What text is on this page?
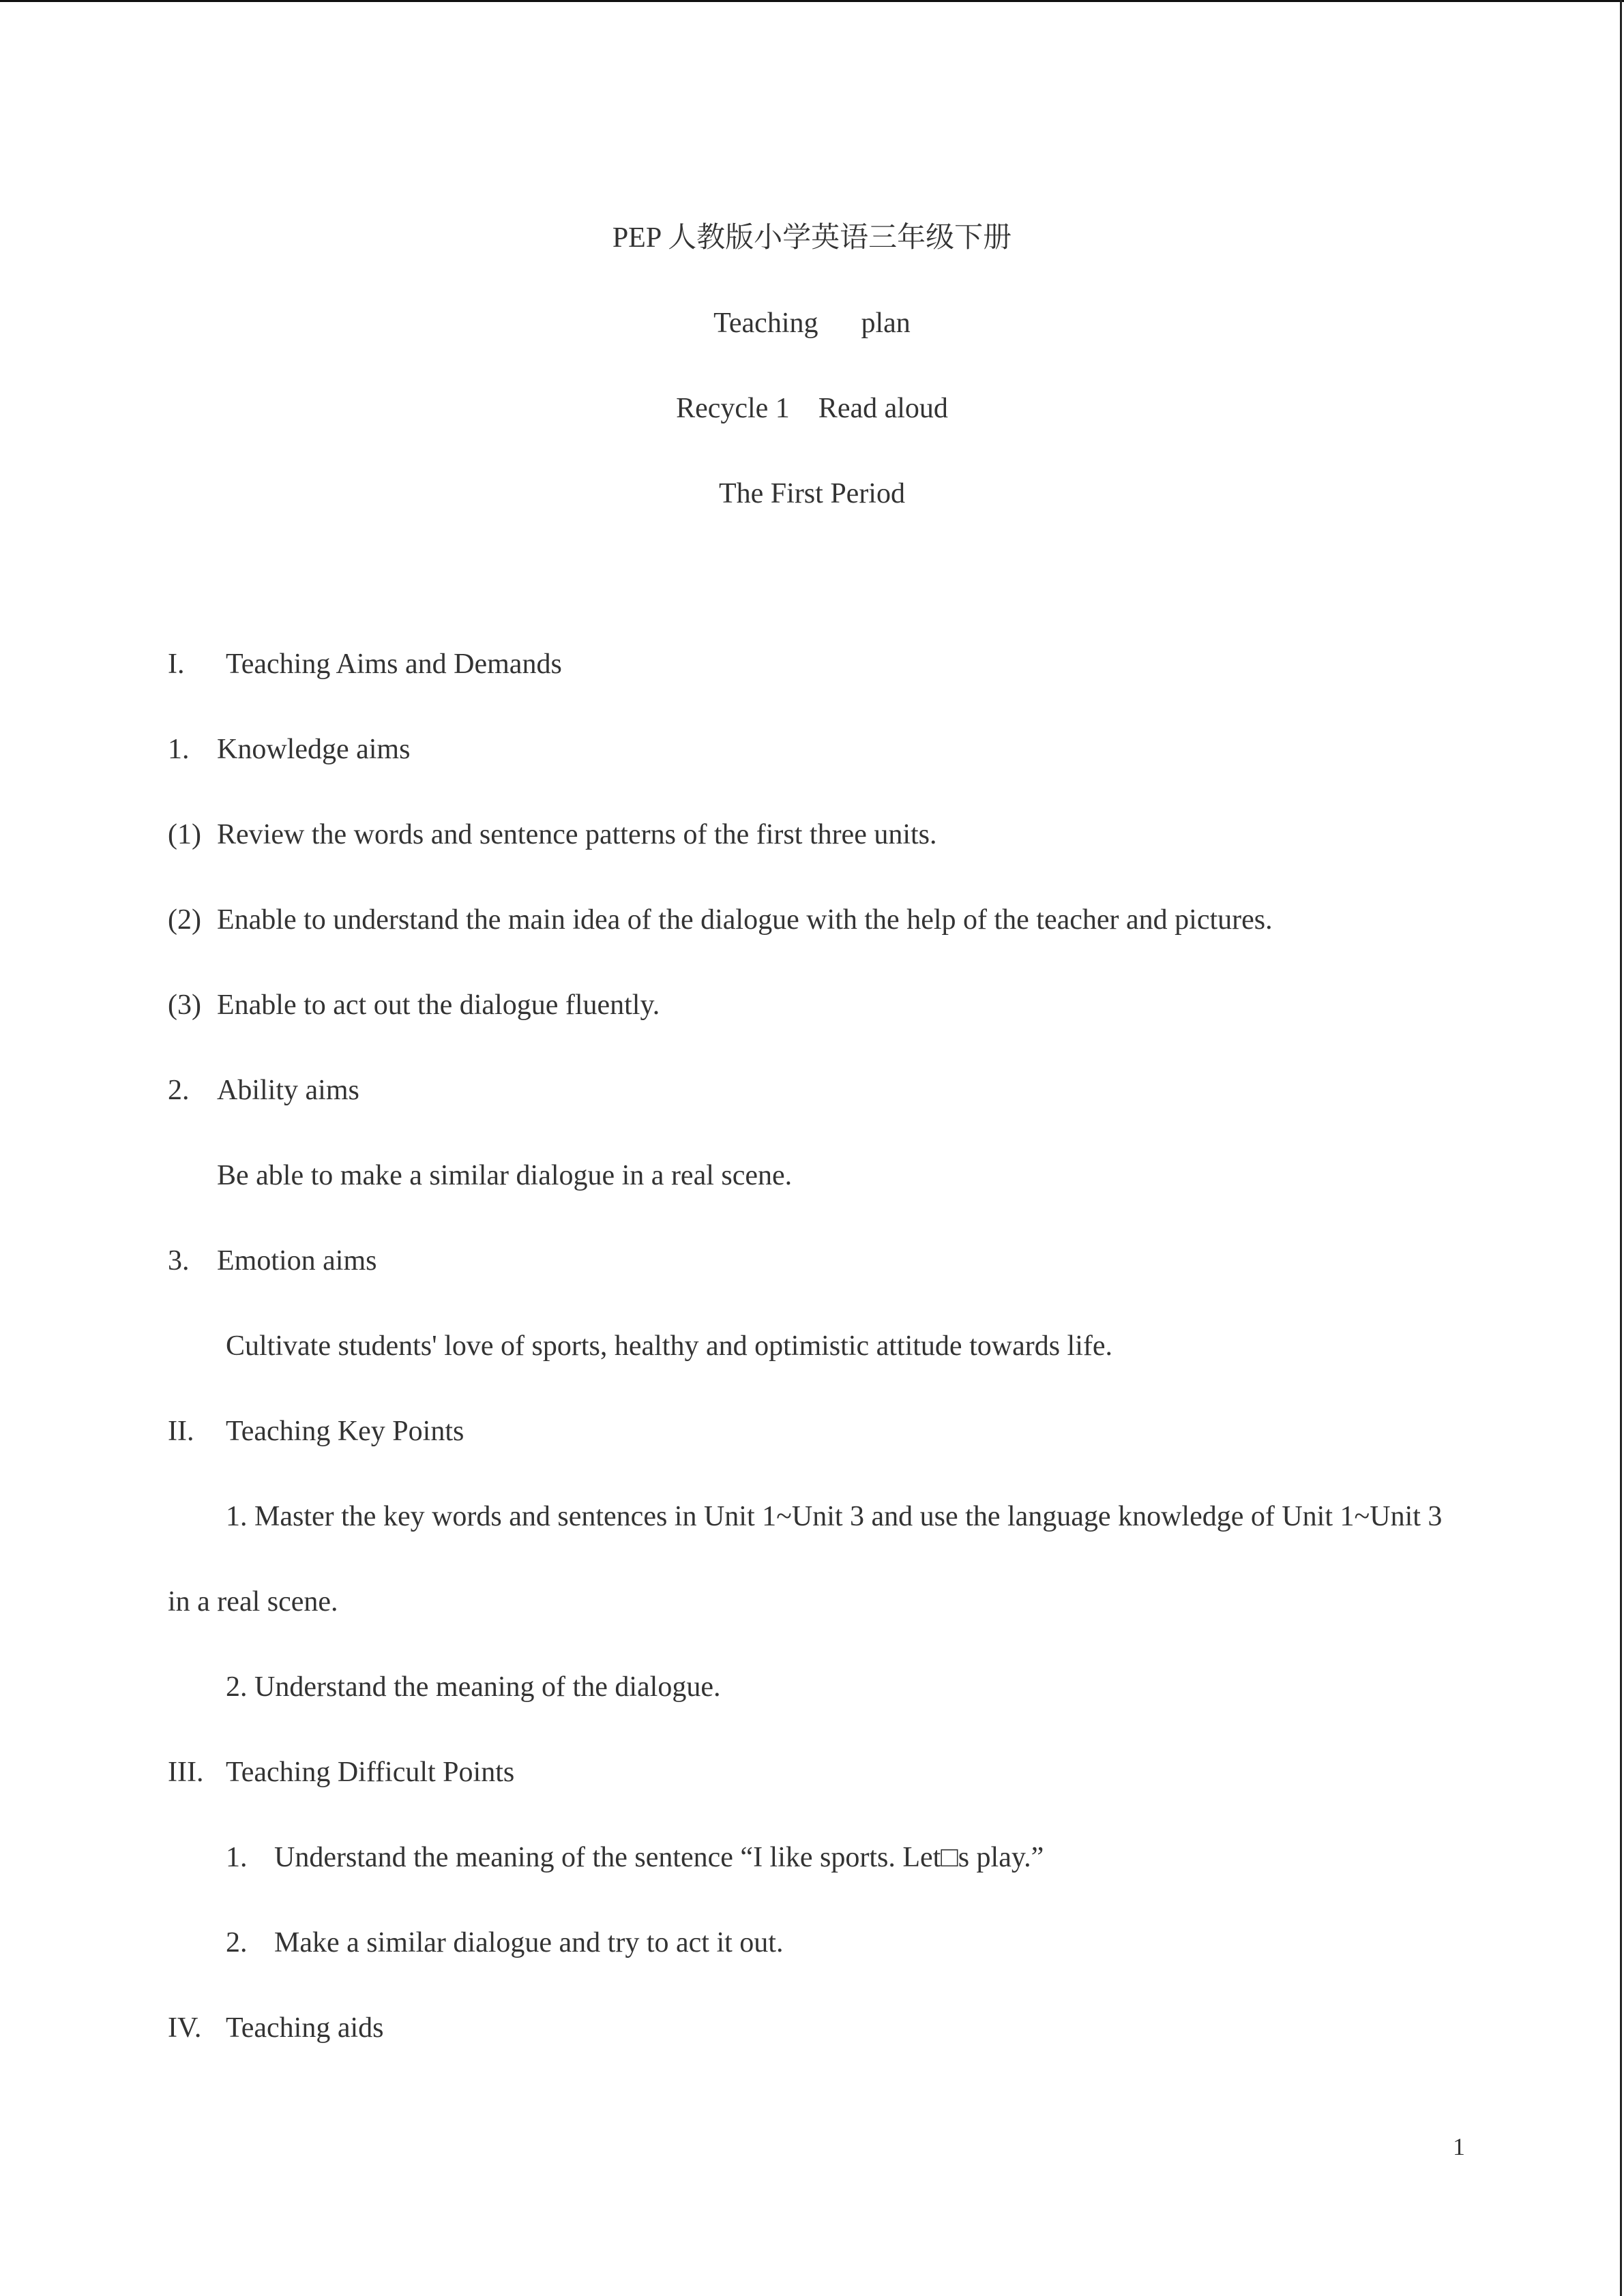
PEP 人教版小学英语三年级下册
Teaching      plan
Recycle 1    Read aloud
The First Period
I. Teaching Aims and Demands
1. Knowledge aims
(1) Review the words and sentence patterns of the first three units.
(2) Enable to understand the main idea of the dialogue with the help of the teacher and pictures.
(3) Enable to act out the dialogue fluently.
2. Ability aims
Be able to make a similar dialogue in a real scene.
3. Emotion aims
Cultivate students' love of sports, healthy and optimistic attitude towards life.
II. Teaching Key Points
1. Master the key words and sentences in Unit 1~Unit 3 and use the language knowledge of Unit 1~Unit 3
in a real scene.
2. Understand the meaning of the dialogue.
III. Teaching Difficult Points
1. Understand the meaning of the sentence “I like sports. Let□s play.”
2. Make a similar dialogue and try to act it out.
IV. Teaching aids
1
